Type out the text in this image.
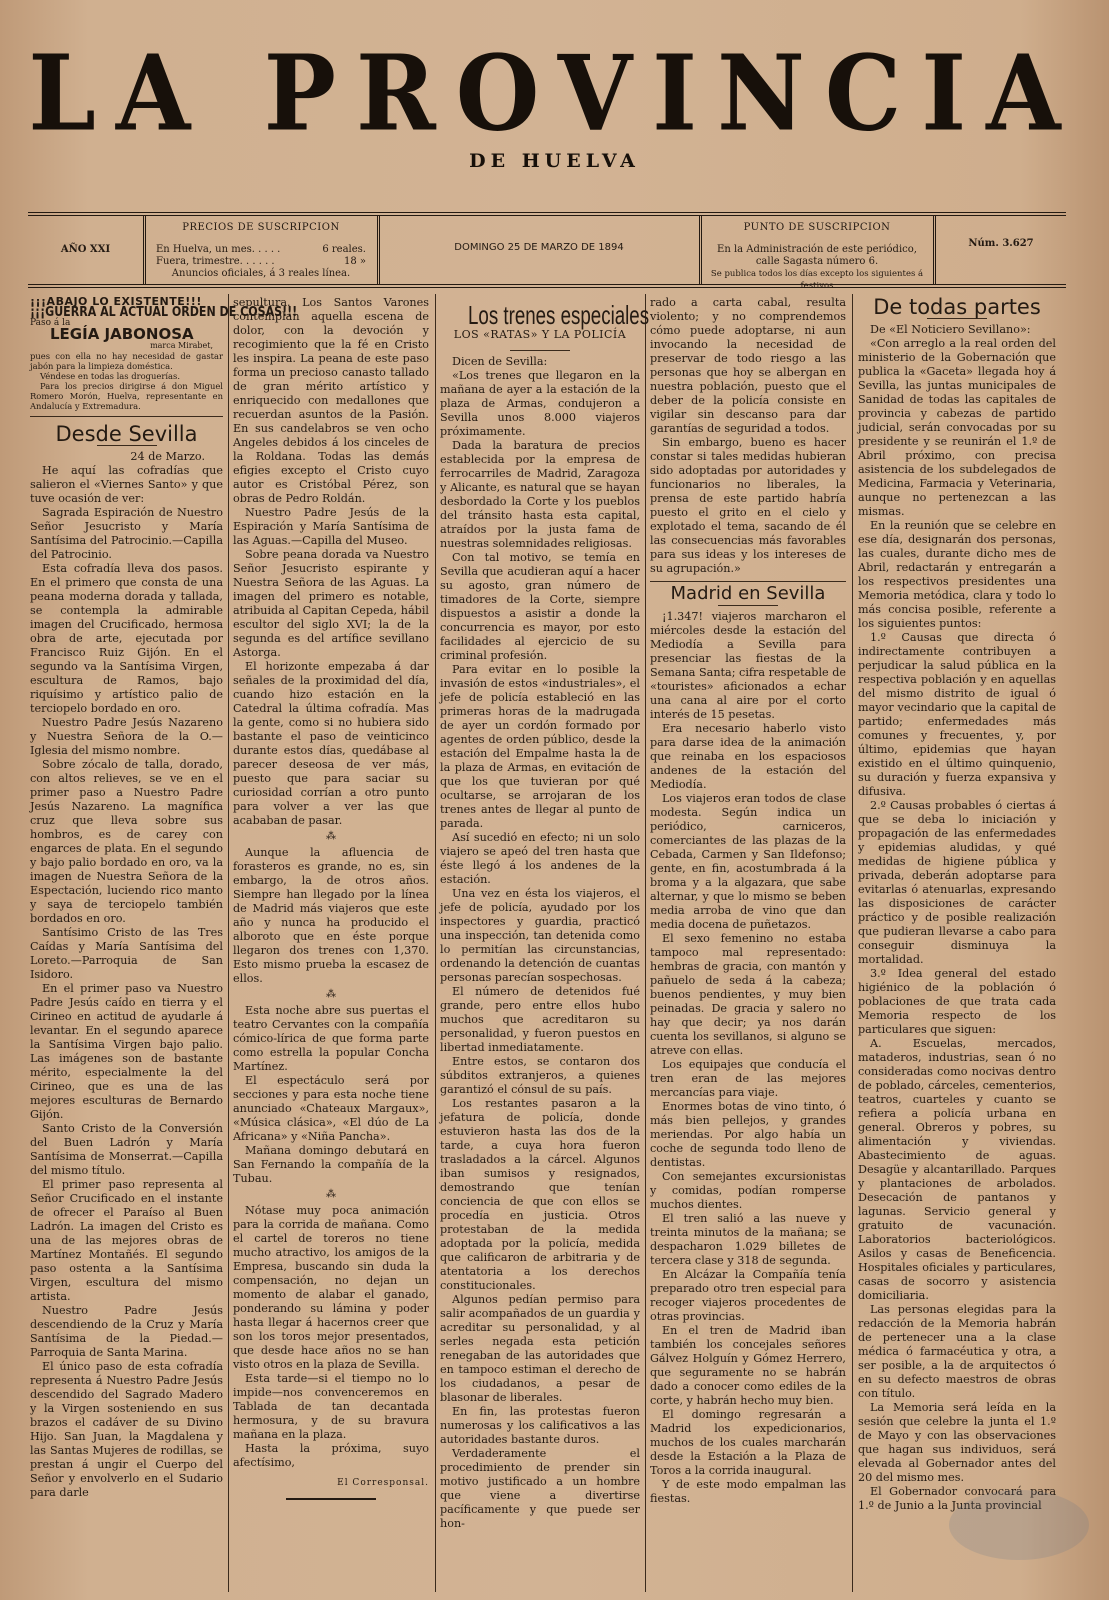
LA PROVINCIA
DE HUELVA
AÑO XXI
PRECIOS DE SUSCRIPCION
En Huelva, un mes. . . . .	6 reales.
Fuera, trimestre. . . . . .	18 »
Anuncios oficiales, á 3 reales línea.
DOMINGO 25 DE MARZO DE 1894
PUNTO DE SUSCRIPCION
En la Administración de este periódico,
calle Sagasta número 6.
Se publica todos los días excepto los siguientes á festivos
Núm. 3.627
¡¡¡ABAJO LO EXISTENTE!!!
¡¡¡GUERRA AL ACTUAL ORDEN DE COSAS!!!
Paso á la
LEGÍA JABONOSA
marca Mirabet,
pues con ella no hay necesidad de gastar jabón para la limpieza doméstica.
Véndese en todas las droguerías.
Para los precios dirigirse á don Miguel Romero Morón, Huelva, representante en Andalucía y Extremadura.
Desde Sevilla
24 de Marzo.

He aquí las cofradías que salieron el «Viernes Santo» y que tuve ocasión de ver:

Sagrada Espiración de Nuestro Señor Jesucristo y María Santísima del Patrocinio.—Capilla del Patrocinio.

Esta cofradía lleva dos pasos. En el primero que consta de una peana moderna dorada y tallada, se contempla la admirable imagen del Crucificado, hermosa obra de arte, ejecutada por Francisco Ruiz Gijón. En el segundo va la Santísima Virgen, escultura de Ramos, bajo riquísimo y artístico palio de terciopelo bordado en oro.

Nuestro Padre Jesús Nazareno y Nuestra Señora de la O.—Iglesia del mismo nombre.

Sobre zócalo de talla, dorado, con altos relieves, se ve en el primer paso a Nuestro Padre Jesús Nazareno. La magnífica cruz que lleva sobre sus hombros, es de carey con engarces de plata. En el segundo y bajo palio bordado en oro, va la imagen de Nuestra Señora de la Espectación, luciendo rico manto y saya de terciopelo también bordados en oro.

Santísimo Cristo de las Tres Caídas y María Santísima del Loreto.—Parroquia de San Isidoro.

En el primer paso va Nuestro Padre Jesús caído en tierra y el Cirineo en actitud de ayudarle á levantar. En el segundo aparece la Santísima Virgen bajo palio. Las imágenes son de bastante mérito, especialmente la del Cirineo, que es una de las mejores esculturas de Bernardo Gijón.

Santo Cristo de la Conversión del Buen Ladrón y María Santísima de Monserrat.—Capilla del mismo título.

El primer paso representa al Señor Crucificado en el instante de ofrecer el Paraíso al Buen Ladrón. La imagen del Cristo es una de las mejores obras de Martínez Montañés. El segundo paso ostenta a la Santísima Virgen, escultura del mismo artista.

Nuestro Padre Jesús descendiendo de la Cruz y María Santísima de la Piedad.—Parroquia de Santa Marina.

El único paso de esta cofradía representa á Nuestro Padre Jesús descendido del Sagrado Madero y la Virgen sosteniendo en sus brazos el cadáver de su Divino Hijo. San Juan, la Magdalena y las Santas Mujeres de rodillas, se prestan á ungir el Cuerpo del Señor y envolverlo en el Sudario para darle

sepultura. Los Santos Varones contemplan aquella escena de dolor, con la devoción y recogimiento que la fé en Cristo les inspira. La peana de este paso forma un precioso canasto tallado de gran mérito artístico y enriquecido con medallones que recuerdan asuntos de la Pasión. En sus candelabros se ven ocho Angeles debidos á los cinceles de la Roldana. Todas las demás efigies excepto el Cristo cuyo autor es Cristóbal Pérez, son obras de Pedro Roldán.

Nuestro Padre Jesús de la Espiración y María Santísima de las Aguas.—Capilla del Museo.

Sobre peana dorada va Nuestro Señor Jesucristo espirante y Nuestra Señora de las Aguas. La imagen del primero es notable, atribuida al Capitan Cepeda, hábil escultor del siglo XVI; la de la segunda es del artífice sevillano Astorga.

El horizonte empezaba á dar señales de la proximidad del día, cuando hizo estación en la Catedral la última cofradía. Mas la gente, como si no hubiera sido bastante el paso de veinticinco durante estos días, quedábase al parecer deseosa de ver más, puesto que para saciar su curiosidad corrían a otro punto para volver a ver las que acababan de pasar.

⁂

Aunque la afluencia de forasteros es grande, no es, sin embargo, la de otros años. Siempre han llegado por la línea de Madrid más viajeros que este año y nunca ha producido el alboroto que en éste porque llegaron dos trenes con 1,370. Esto mismo prueba la escasez de ellos.

⁂

Esta noche abre sus puertas el teatro Cervantes con la compañía cómico-lírica de que forma parte como estrella la popular Concha Martínez.

El espectáculo será por secciones y para esta noche tiene anunciado «Chateaux Margaux», «Música clásica», «El dúo de La Africana» y «Niña Pancha».

Mañana domingo debutará en San Fernando la compañía de la Tubau.

⁂

Nótase muy poca animación para la corrida de mañana. Como el cartel de toreros no tiene mucho atractivo, los amigos de la Empresa, buscando sin duda la compensación, no dejan un momento de alabar el ganado, ponderando su lámina y poder hasta llegar á hacernos creer que son los toros mejor presentados, que desde hace años no se han visto otros en la plaza de Sevilla.

Esta tarde—si el tiempo no lo impide—nos convenceremos en Tablada de tan decantada hermosura, y de su bravura mañana en la plaza.

Hasta la próxima, suyo afectísimo,

El Corresponsal.
Los trenes especiales
LOS «RATAS» Y LA POLICÍA

Dicen de Sevilla:

«Los trenes que llegaron en la mañana de ayer a la estación de la plaza de Armas, condujeron a Sevilla unos 8.000 viajeros próximamente.

Dada la baratura de precios establecida por la empresa de ferrocarriles de Madrid, Zaragoza y Alicante, es natural que se hayan desbordado la Corte y los pueblos del tránsito hasta esta capital, atraídos por la justa fama de nuestras solemnidades religiosas.

Con tal motivo, se temía en Sevilla que acudieran aquí a hacer su agosto, gran número de timadores de la Corte, siempre dispuestos a asistir a donde la concurrencia es mayor, por esto facilidades al ejercicio de su criminal profesión.

Para evitar en lo posible la invasión de estos «industriales», el jefe de policía estableció en las primeras horas de la madrugada de ayer un cordón formado por agentes de orden público, desde la estación del Empalme hasta la de la plaza de Armas, en evitación de que los que tuvieran por qué ocultarse, se arrojaran de los trenes antes de llegar al punto de parada.

Así sucedió en efecto; ni un solo viajero se apeó del tren hasta que éste llegó á los andenes de la estación.

Una vez en ésta los viajeros, el jefe de policía, ayudado por los inspectores y guardia, practicó una inspección, tan detenida como lo permitían las circunstancias, ordenando la detención de cuantas personas parecían sospechosas.

El número de detenidos fué grande, pero entre ellos hubo muchos que acreditaron su personalidad, y fueron puestos en libertad inmediatamente.

Entre estos, se contaron dos súbditos extranjeros, a quienes garantizó el cónsul de su país.

Los restantes pasaron a la jefatura de policía, donde estuvieron hasta las dos de la tarde, a cuya hora fueron trasladados a la cárcel. Algunos iban sumisos y resignados, demostrando que tenían conciencia de que con ellos se procedía en justicia. Otros protestaban de la medida adoptada por la policía, medida que calificaron de arbitraria y de atentatoria a los derechos constitucionales.

Algunos pedían permiso para salir acompañados de un guardia y acreditar su personalidad, y al serles negada esta petición renegaban de las autoridades que en tampoco estiman el derecho de los ciudadanos, a pesar de blasonar de liberales.

En fin, las protestas fueron numerosas y los calificativos a las autoridades bastante duros.

Verdaderamente el procedimiento de prender sin motivo justificado a un hombre que viene a divertirse pacíficamente y que puede ser hon-

rado a carta cabal, resulta violento; y no comprendemos cómo puede adoptarse, ni aun invocando la necesidad de preservar de todo riesgo a las personas que hoy se albergan en nuestra población, puesto que el deber de la policía consiste en vigilar sin descanso para dar garantías de seguridad a todos.

Sin embargo, bueno es hacer constar si tales medidas hubieran sido adoptadas por autoridades y funcionarios no liberales, la prensa de este partido habría puesto el grito en el cielo y explotado el tema, sacando de él las consecuencias más favorables para sus ideas y los intereses de su agrupación.»

Madrid en Sevilla

¡1.347! viajeros marcharon el miércoles desde la estación del Mediodía a Sevilla para presenciar las fiestas de la Semana Santa; cifra respetable de «touristes» aficionados a echar una cana al aire por el corto interés de 15 pesetas.

Era necesario haberlo visto para darse idea de la animación que reinaba en los espaciosos andenes de la estación del Mediodía.

Los viajeros eran todos de clase modesta. Según indica un periódico, carniceros, comerciantes de las plazas de la Cebada, Carmen y San Ildefonso; gente, en fin, acostumbrada á la broma y a la algazara, que sabe alternar, y que lo mismo se beben media arroba de vino que dan media docena de puñetazos.

El sexo femenino no estaba tampoco mal representado: hembras de gracia, con mantón y pañuelo de seda á la cabeza; buenos pendientes, y muy bien peinadas. De gracia y salero no hay que decir; ya nos darán cuenta los sevillanos, si alguno se atreve con ellas.

Los equipajes que conducía el tren eran de las mejores mercancías para viaje.

Enormes botas de vino tinto, ó más bien pellejos, y grandes meriendas. Por algo había un coche de segunda todo lleno de dentistas.

Con semejantes excursionistas y comidas, podían romperse muchos dientes.

El tren salió a las nueve y treinta minutos de la mañana; se despacharon 1.029 billetes de tercera clase y 318 de segunda.

En Alcázar la Compañía tenía preparado otro tren especial para recoger viajeros procedentes de otras provincias.

En el tren de Madrid iban también los concejales señores Gálvez Holguín y Gómez Herrero, que seguramente no se habrán dado a conocer como ediles de la corte, y habrán hecho muy bien.

El domingo regresarán a Madrid los expedicionarios, muchos de los cuales marcharán desde la Estación a la Plaza de Toros a la corrida inaugural.

Y de este modo empalman las fiestas.

De todas partes

De «El Noticiero Sevillano»:

«Con arreglo a la real orden del ministerio de la Gobernación que publica la «Gaceta» llegada hoy á Sevilla, las juntas municipales de Sanidad de todas las capitales de provincia y cabezas de partido judicial, serán convocadas por su presidente y se reunirán el 1.º de Abril próximo, con precisa asistencia de los subdelegados de Medicina, Farmacia y Veterinaria, aunque no pertenezcan a las mismas.

En la reunión que se celebre en ese día, designarán dos personas, las cuales, durante dicho mes de Abril, redactarán y entregarán a los respectivos presidentes una Memoria metódica, clara y todo lo más concisa posible, referente a los siguientes puntos:

1.º Causas que directa ó indirectamente contribuyen a perjudicar la salud pública en la respectiva población y en aquellas del mismo distrito de igual ó mayor vecindario que la capital de partido; enfermedades más comunes y frecuentes, y, por último, epidemias que hayan existido en el último quinquenio, su duración y fuerza expansiva y difusiva.

2.º Causas probables ó ciertas á que se deba lo iniciación y propagación de las enfermedades y epidemias aludidas, y qué medidas de higiene pública y privada, deberán adoptarse para evitarlas ó atenuarlas, expresando las disposiciones de carácter práctico y de posible realización que pudieran llevarse a cabo para conseguir disminuya la mortalidad.

3.º Idea general del estado higiénico de la población ó poblaciones de que trata cada Memoria respecto de los particulares que siguen:

A. Escuelas, mercados, mataderos, industrias, sean ó no consideradas como nocivas dentro de poblado, cárceles, cementerios, teatros, cuarteles y cuanto se refiera a policía urbana en general. Obreros y pobres, su alimentación y viviendas. Abastecimiento de aguas. Desagüe y alcantarillado. Parques y plantaciones de arbolados. Desecación de pantanos y lagunas. Servicio general y gratuito de vacunación. Laboratorios bacteriológicos. Asilos y casas de Beneficencia. Hospitales oficiales y particulares, casas de socorro y asistencia domiciliaria.

Las personas elegidas para la redacción de la Memoria habrán de pertenecer una a la clase médica ó farmacéutica y otra, a ser posible, a la de arquitectos ó en su defecto maestros de obras con título.

La Memoria será leída en la sesión que celebre la junta el 1.º de Mayo y con las observaciones que hagan sus individuos, será elevada al Gobernador antes del 20 del mismo mes.

El Gobernador convocará para 1.º de Junio a la Junta provincial
